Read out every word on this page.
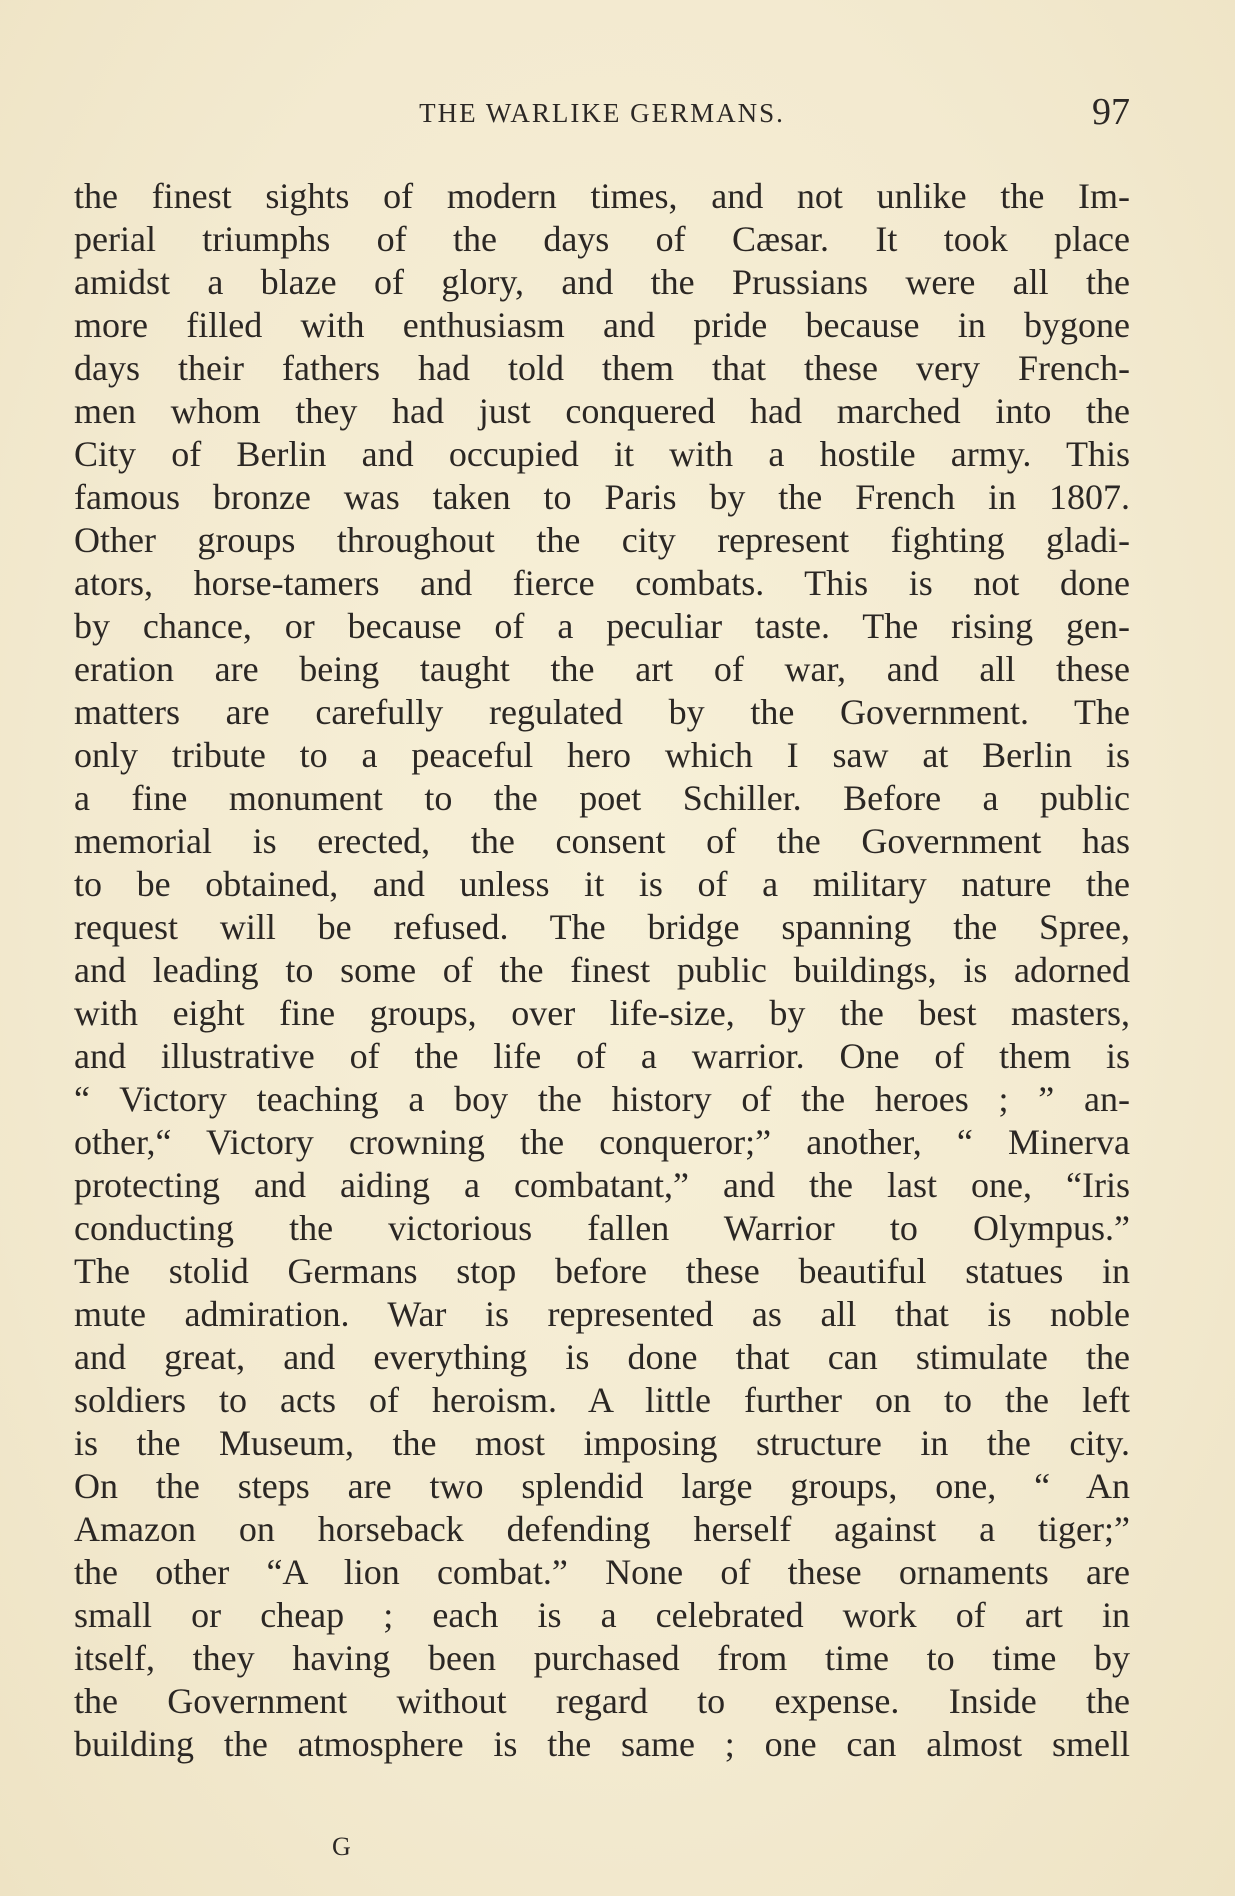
THE WARLIKE GERMANS.	97
the finest sights of modern times, and not unlike the Im-
perial triumphs of the days of Cæsar. It took place
amidst a blaze of glory, and the Prussians were all the
more filled with enthusiasm and pride because in bygone
days their fathers had told them that these very French-
men whom they had just conquered had marched into the
City of Berlin and occupied it with a hostile army. This
famous bronze was taken to Paris by the French in 1807.
Other groups throughout the city represent fighting gladi-
ators, horse-tamers and fierce combats. This is not done
by chance, or because of a peculiar taste. The rising gen-
eration are being taught the art of war, and all these
matters are carefully regulated by the Government. The
only tribute to a peaceful hero which I saw at Berlin is
a fine monument to the poet Schiller. Before a public
memorial is erected, the consent of the Government has
to be obtained, and unless it is of a military nature the
request will be refused. The bridge spanning the Spree,
and leading to some of the finest public buildings, is adorned
with eight fine groups, over life-size, by the best masters,
and illustrative of the life of a warrior. One of them is
“ Victory teaching a boy the history of the heroes ; ” an-
other,“ Victory crowning the conqueror;” another, “ Minerva
protecting and aiding a combatant,” and the last one, “Iris
conducting the victorious fallen Warrior to Olympus.”
The stolid Germans stop before these beautiful statues in
mute admiration. War is represented as all that is noble
and great, and everything is done that can stimulate the
soldiers to acts of heroism. A little further on to the left
is the Museum, the most imposing structure in the city.
On the steps are two splendid large groups, one, “ An
Amazon on horseback defending herself against a tiger;”
the other “A lion combat.” None of these ornaments are
small or cheap ; each is a celebrated work of art in
itself, they having been purchased from time to time by
the Government without regard to expense. Inside the
building the atmosphere is the same ; one can almost smell
G
